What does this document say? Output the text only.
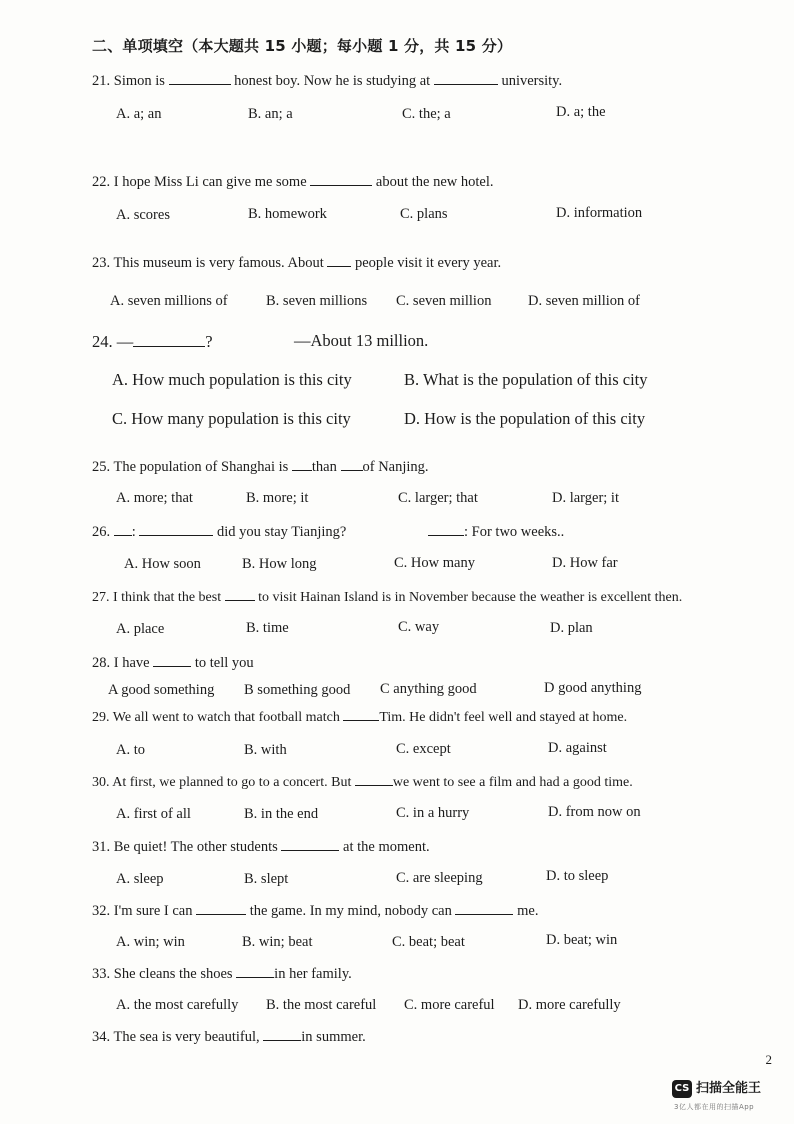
二、单项填空（本大题共 15 小题；每小题 1 分，共 15 分）
21. Simon is	honest boy. Now he is studying at	university.
A. a; an	B. an; a	C. the; a	D. a; the
22. I hope Miss Li can give me some	about the new hotel.
A. scores	B. homework	C. plans	D. information
23. This museum is very famous. About  people visit it every year.
A. seven millions of	B. seven millions C. seven million	D. seven million of
24. —	?	—About 13 million.
A. How much population is this city	B. What is the population of this city
C. How many population is this city	D. How is the population of this city
25. The population of Shanghai is than of Nanjing.
A. more; that	B. more; it	C. larger; that	D. larger; it
26. :	did you stay Tianjing?	: For two weeks..
A. How soon	B. How long	C. How many	D. How far
27. I think that the best  to visit Hainan Island is in November because the weather is excellent then.
A. place	B. time	C. way	D. plan
28. I have	to tell you
A good something B something good C anything good	D good anything
29. We all went to watch that football match	Tim. He didn't feel well and stayed at home.
A. to	B. with	C. except	D. against
30. At first, we planned to go to a concert. But	we went to see a film and had a good time.
A. first of all	B. in the end	C. in a hurry	D. from now on
31. Be quiet! The other students	at the moment.
A. sleep	B. slept	C. are sleeping	D. to sleep
32. I'm sure I can	the game. In my mind, nobody can	me.
A. win; win	B. win; beat	C. beat; beat	D. beat; win
33. She cleans the shoes	in her family.
A. the most carefully B. the most careful C. more careful D. more carefully
34. The sea is very beautiful,	in summer.
2
CS 扫描全能王
3亿人都在用的扫描App
